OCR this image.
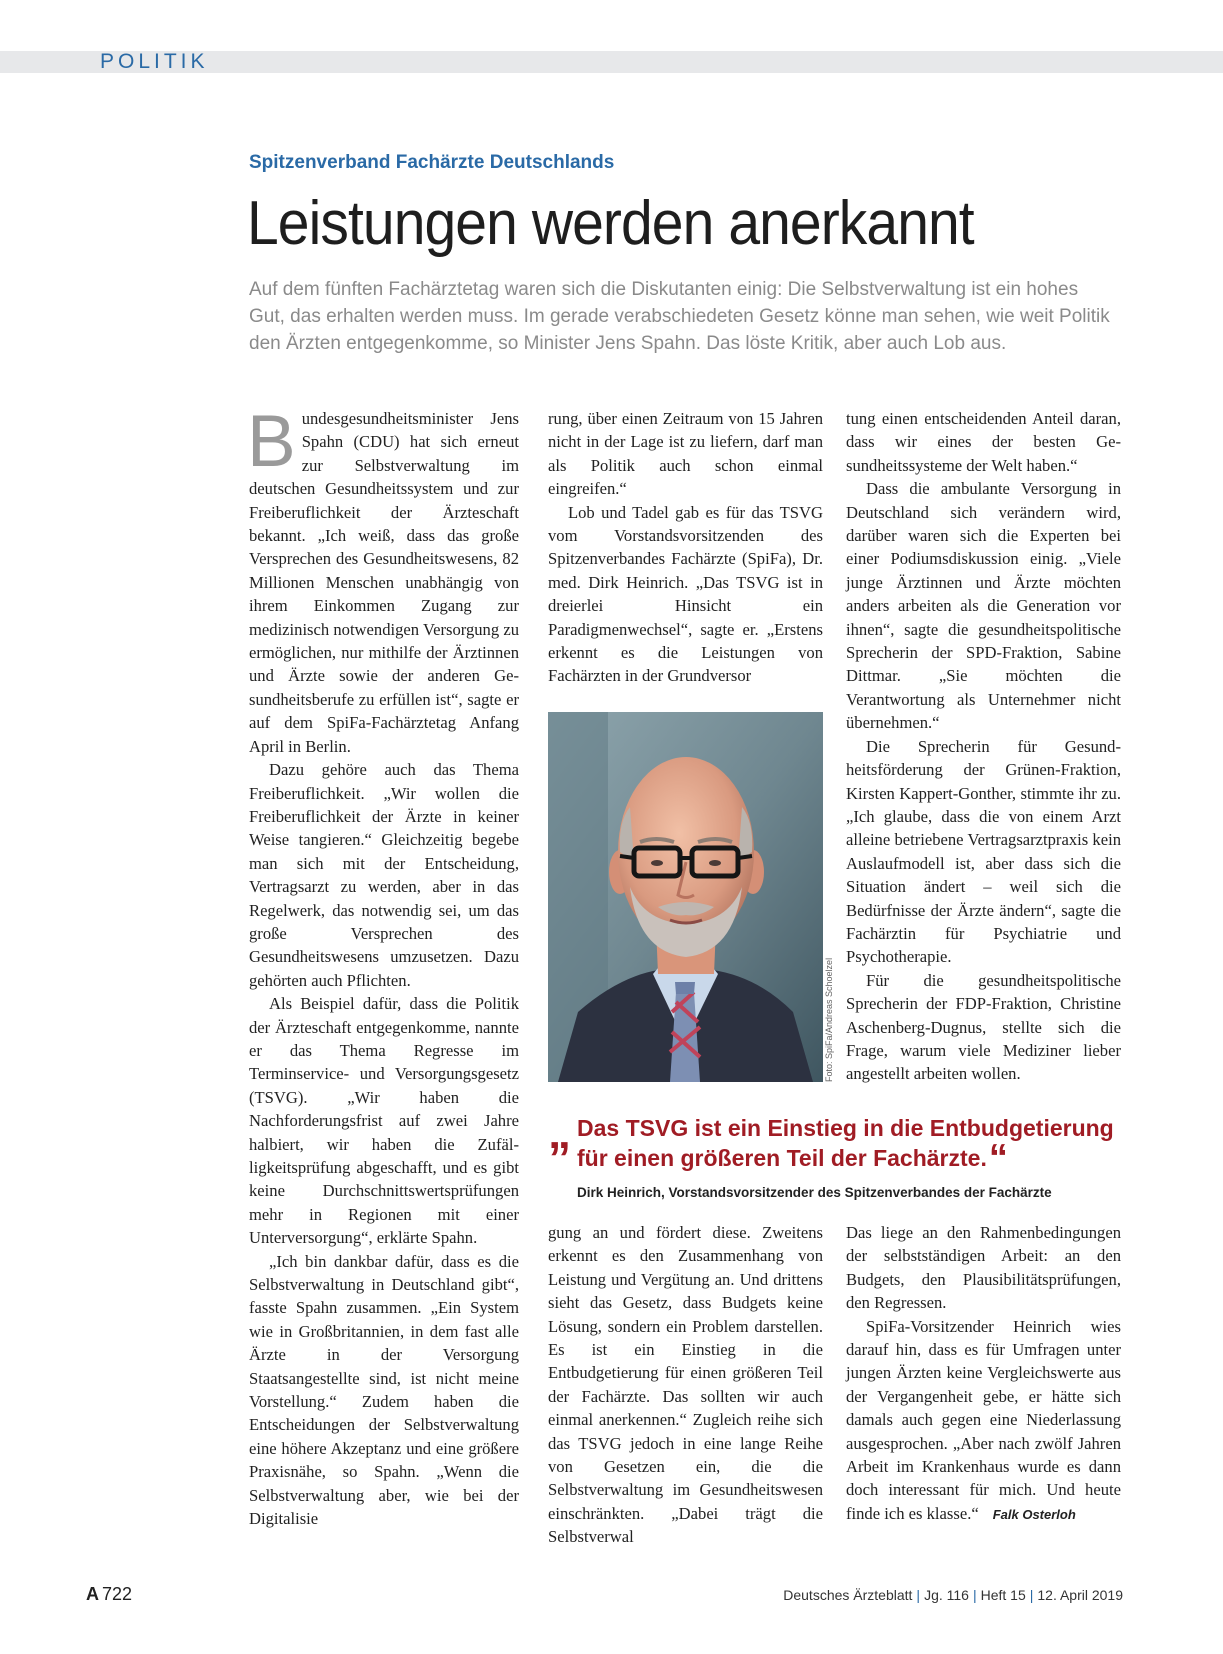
POLITIK
Spitzenverband Fachärzte Deutschlands
Leistungen werden anerkannt
Auf dem fünften Fachärztetag waren sich die Diskutanten einig: Die Selbstverwaltung ist ein hohes Gut, das erhalten werden muss. Im gerade verabschiedeten Gesetz könne man sehen, wie weit Politik den Ärzten entgegenkomme, so Minister Jens Spahn. Das löste Kritik, aber auch Lob aus.

Bundesgesundheitsminister Jens Spahn (CDU) hat sich erneut zur Selbstverwaltung im deutschen Gesundheitssystem und zur Freiberuflichkeit der Ärzteschaft bekannt. „Ich weiß, dass das große Versprechen des Gesundheitswesens, 82 Millionen Menschen unabhängig von ihrem Einkommen Zugang zur medizinisch notwendigen Versorgung zu ermöglichen, nur mithilfe der Ärztinnen und Ärzte sowie der anderen Gesundheitsberufe zu erfüllen ist“, sagte er auf dem SpiFa-Fachärztetag Anfang April in Berlin.

Dazu gehöre auch das Thema Freiberuflichkeit. „Wir wollen die Freiberuflichkeit der Ärzte in keiner Weise tangieren.“ Gleichzeitig begebe man sich mit der Entscheidung, Vertragsarzt zu werden, aber in das Regelwerk, das notwendig sei, um das große Versprechen des Gesundheitswesens umzusetzen. Dazu gehörten auch Pflichten.

Als Beispiel dafür, dass die Politik der Ärzteschaft entgegenkomme, nannte er das Thema Regresse im Terminservice- und Versorgungsgesetz (TSVG). „Wir haben die Nachforderungsfrist auf zwei Jahre halbiert, wir haben die Zufälligkeitsprüfung abgeschafft, und es gibt keine Durchschnittswertsprüfungen mehr in Regionen mit einer Unterversorgung“, erklärte Spahn.

„Ich bin dankbar dafür, dass es die Selbstverwaltung in Deutschland gibt“, fasste Spahn zusammen. „Ein System wie in Großbritannien, in dem fast alle Ärzte in der Versorgung Staatsangestellte sind, ist nicht meine Vorstellung.“ Zudem haben die Entscheidungen der Selbstverwaltung eine höhere Akzeptanz und eine größere Praxisnähe, so Spahn. „Wenn die Selbstverwaltung aber, wie bei der Digitalisie

rung, über einen Zeitraum von 15 Jahren nicht in der Lage ist zu liefern, darf man als Politik auch schon einmal eingreifen.“

Lob und Tadel gab es für das TSVG vom Vorstandsvorsitzenden des Spitzenverbandes Fachärzte (SpiFa), Dr. med. Dirk Heinrich. „Das TSVG ist in dreierlei Hinsicht ein Paradigmenwechsel“, sagte er. „Erstens erkennt es die Leistungen von Fachärzten in der Grundversor

tung einen entscheidenden Anteil daran, dass wir eines der besten Gesundheitssysteme der Welt haben.“

Dass die ambulante Versorgung in Deutschland sich verändern wird, darüber waren sich die Experten bei einer Podiumsdiskussion einig. „Viele junge Ärztinnen und Ärzte möchten anders arbeiten als die Generation vor ihnen“, sagte die gesundheitspolitische Sprecherin der SPD-Fraktion, Sabine Dittmar. „Sie möchten die Verantwortung als Unternehmer nicht übernehmen.“

Die Sprecherin für Gesundheitsförderung der Grünen-Fraktion, Kirsten Kappert-Gonther, stimmte ihr zu. „Ich glaube, dass die von einem Arzt alleine betriebene Vertragsarztpraxis kein Auslaufmodell ist, aber dass sich die Situation ändert – weil sich die Bedürfnisse der Ärzte ändern“, sagte die Fachärztin für Psychiatrie und Psychotherapie.

Für die gesundheitspolitische Sprecherin der FDP-Fraktion, Christine Aschenberg-Dugnus, stellte sich die Frage, warum viele Mediziner lieber angestellt arbeiten wollen.

Foto: SpiFa/Andreas Schoelzel
„ Das TSVG ist ein Einstieg in die Entbudgetierung für einen größeren Teil der Fachärzte.“
Dirk Heinrich, Vorstandsvorsitzender des Spitzenverbandes der Fachärzte

gung an und fördert diese. Zweitens erkennt es den Zusammenhang von Leistung und Vergütung an. Und drittens sieht das Gesetz, dass Budgets keine Lösung, sondern ein Problem darstellen. Es ist ein Einstieg in die Entbudgetierung für einen größeren Teil der Fachärzte. Das sollten wir auch einmal anerkennen.“ Zugleich reihe sich das TSVG jedoch in eine lange Reihe von Gesetzen ein, die die Selbstverwaltung im Gesundheitswesen einschränkten. „Dabei trägt die Selbstverwal

Das liege an den Rahmenbedingungen der selbstständigen Arbeit: an den Budgets, den Plausibilitätsprüfungen, den Regressen.

SpiFa-Vorsitzender Heinrich wies darauf hin, dass es für Umfragen unter jungen Ärzten keine Vergleichswerte aus der Vergangenheit gebe, er hätte sich damals auch gegen eine Niederlassung ausgesprochen. „Aber nach zwölf Jahren Arbeit im Krankenhaus wurde es dann doch interessant für mich. Und heute finde ich es klasse.“ Falk Osterloh

A 722	Deutsches Ärzteblatt | Jg. 116 | Heft 15 | 12. April 2019
